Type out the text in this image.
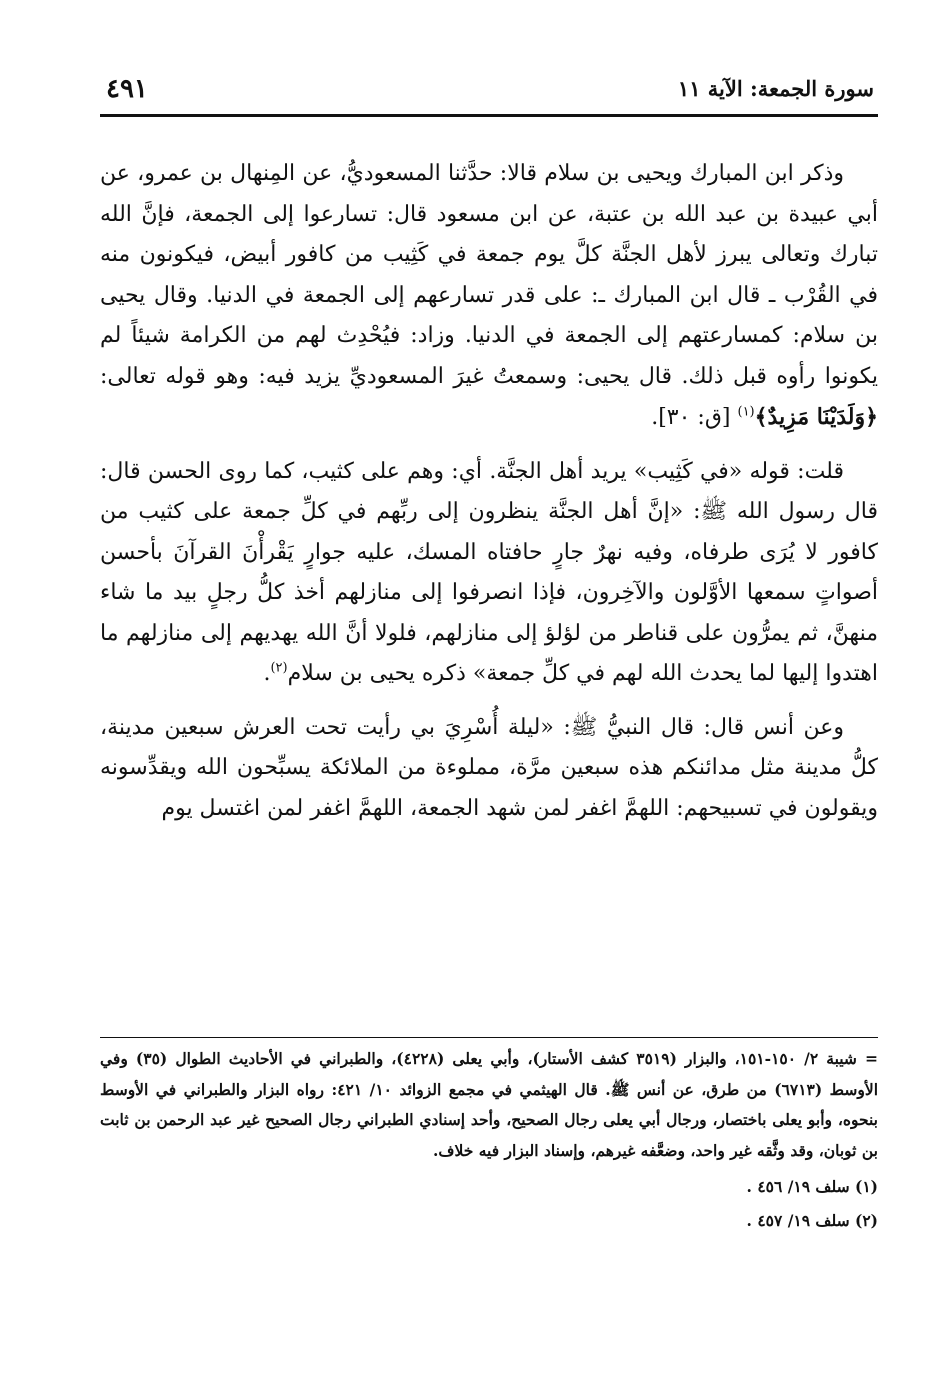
سورة الجمعة: الآية ١١
٤٩١

وذكر ابن المبارك ويحيى بن سلام قالا: حدَّثنا المسعوديُّ، عن المِنهال بن عمرو، عن أبي عبيدة بن عبد الله بن عتبة، عن ابن مسعود قال: تسارعوا إلى الجمعة، فإنَّ الله تبارك وتعالى يبرز لأهل الجنَّة كلَّ يوم جمعة في كَثِيب من كافور أبيض، فيكونون منه في القُرْب ـ قال ابن المبارك ـ: على قدر تسارعهم إلى الجمعة في الدنيا. وقال يحيى بن سلام: كمسارعتهم إلى الجمعة في الدنيا. وزاد: فيُحْدِث لهم من الكرامة شيئاً لم يكونوا رأوه قبل ذلك. قال يحيى: وسمعتُ غيرَ المسعوديِّ يزيد فيه: وهو قوله تعالى: ﴿وَلَدَيْنَا مَزِيدٌ﴾$^{(١)}$ [ق: ٣٠].

قلت: قوله «في كَثِيب» يريد أهل الجنَّة. أي: وهم على كثيب، كما روى الحسن قال: قال رسول الله ﷺ: «إنَّ أهل الجنَّة ينظرون إلى ربِّهم في كلِّ جمعة على كثيب من كافور لا يُرَى طرفاه، وفيه نهرٌ جارٍ حافتاه المسك، عليه جوارٍ يَقْرأْنَ القرآنَ بأحسن أصواتٍ سمعها الأوَّلون والآخِرون، فإذا انصرفوا إلى منازلهم أخذ كلُّ رجلٍ بيد ما شاء منهنَّ، ثم يمرُّون على قناطر من لؤلؤ إلى منازلهم، فلولا أنَّ الله يهديهم إلى منازلهم ما اهتدوا إليها لما يحدث الله لهم في كلِّ جمعة» ذكره يحيى بن سلام$^{(٢)}$.

وعن أنس قال: قال النبيُّ ﷺ: «ليلة أُسْرِيَ بي رأيت تحت العرش سبعين مدينة، كلُّ مدينة مثل مدائنكم هذه سبعين مرَّة، مملوءة من الملائكة يسبِّحون الله ويقدِّسونه ويقولون في تسبيحهم: اللهمَّ اغفر لمن شهد الجمعة، اللهمَّ اغفر لمن اغتسل يوم

= شيبة ٢/ ١٥٠-١٥١، والبزار (٣٥١٩ كشف الأستار)، وأبي يعلى (٤٢٢٨)، والطبراني في الأحاديث الطوال (٣٥) وفي الأوسط (٦٧١٣) من طرق، عن أنس ﷺ. قال الهيثمي في مجمع الزوائد ١٠/ ٤٢١: رواه البزار والطبراني في الأوسط بنحوه، وأبو يعلى باختصار، ورجال أبي يعلى رجال الصحيح، وأحد إسنادي الطبراني رجال الصحيح غير عبد الرحمن بن ثابت بن ثوبان، وقد وثَّقه غير واحد، وضعَّفه غيرهم، وإسناد البزار فيه خلاف.

(١) سلف ١٩/ ٤٥٦ .

(٢) سلف ١٩/ ٤٥٧ .
